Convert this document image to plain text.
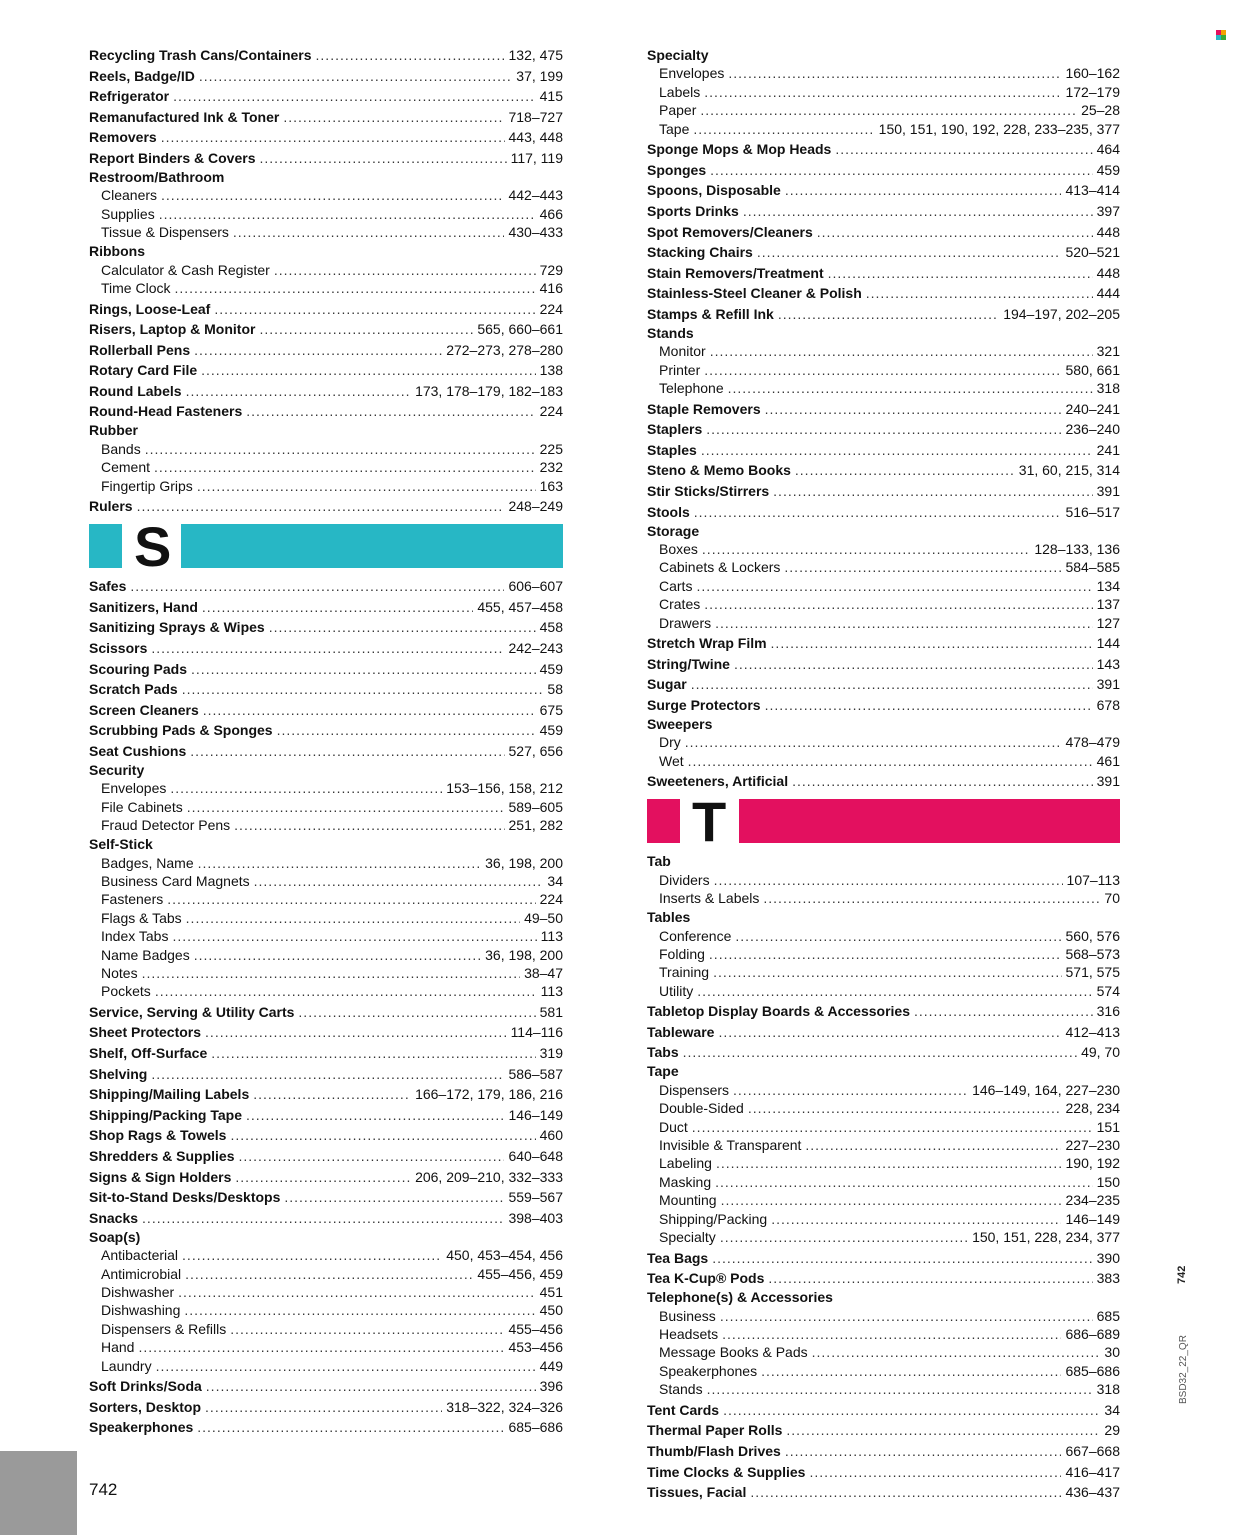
Recycling Trash Cans/Containers .....	132, 475
Reels, Badge/ID .....	37, 199
Refrigerator .....	415
Remanufactured Ink & Toner .....	718–727
Removers .....	443, 448
Report Binders & Covers .....	117, 119
Restroom/Bathroom
Cleaners .....	442–443
Supplies .....	466
Tissue & Dispensers .....	430–433
Ribbons
Calculator & Cash Register .....	729
Time Clock .....	416
Rings, Loose-Leaf .....	224
Risers, Laptop & Monitor .....	565, 660–661
Rollerball Pens .....	272–273, 278–280
Rotary Card File .....	138
Round Labels .....	173, 178–179, 182–183
Round-Head Fasteners .....	224
Rubber
Bands .....	225
Cement .....	232
Fingertip Grips .....	163
Rulers .....	248–249
S
Safes .....	606–607
Sanitizers, Hand .....	455, 457–458
Sanitizing Sprays & Wipes .....	458
Scissors .....	242–243
Scouring Pads .....	459
Scratch Pads .....	58
Screen Cleaners .....	675
Scrubbing Pads & Sponges .....	459
Seat Cushions .....	527, 656
Security
Envelopes .....	153–156, 158, 212
File Cabinets .....	589–605
Fraud Detector Pens .....	251, 282
Self-Stick
Badges, Name .....	36, 198, 200
Business Card Magnets .....	34
Fasteners .....	224
Flags & Tabs .....	49–50
Index Tabs .....	113
Name Badges .....	36, 198, 200
Notes .....	38–47
Pockets .....	113
Service, Serving & Utility Carts .....	581
Sheet Protectors .....	114–116
Shelf, Off-Surface .....	319
Shelving .....	586–587
Shipping/Mailing Labels .....	166–172, 179, 186, 216
Shipping/Packing Tape .....	146–149
Shop Rags & Towels .....	460
Shredders & Supplies .....	640–648
Signs & Sign Holders .....	206, 209–210, 332–333
Sit-to-Stand Desks/Desktops .....	559–567
Snacks .....	398–403
Soap(s)
Antibacterial .....	450, 453–454, 456
Antimicrobial .....	455–456, 459
Dishwasher .....	451
Dishwashing .....	450
Dispensers & Refills .....	455–456
Hand .....	453–456
Laundry .....	449
Soft Drinks/Soda .....	396
Sorters, Desktop .....	318–322, 324–326
Speakerphones .....	685–686
Specialty
Envelopes .....	160–162
Labels .....	172–179
Paper .....	25–28
Tape .....	150, 151, 190, 192, 228, 233–235, 377
Sponge Mops & Mop Heads .....	464
Sponges .....	459
Spoons, Disposable .....	413–414
Sports Drinks .....	397
Spot Removers/Cleaners .....	448
Stacking Chairs .....	520–521
Stain Removers/Treatment .....	448
Stainless-Steel Cleaner & Polish .....	444
Stamps & Refill Ink .....	194–197, 202–205
Stands
Monitor .....	321
Printer .....	580, 661
Telephone .....	318
Staple Removers .....	240–241
Staplers .....	236–240
Staples .....	241
Steno & Memo Books .....	31, 60, 215, 314
Stir Sticks/Stirrers .....	391
Stools .....	516–517
Storage
Boxes .....	128–133, 136
Cabinets & Lockers .....	584–585
Carts .....	134
Crates .....	137
Drawers .....	127
Stretch Wrap Film .....	144
String/Twine .....	143
Sugar .....	391
Surge Protectors .....	678
Sweepers
Dry .....	478–479
Wet .....	461
Sweeteners, Artificial .....	391
T
Tab
Dividers .....	107–113
Inserts & Labels .....	70
Tables
Conference .....	560, 576
Folding .....	568–573
Training .....	571, 575
Utility .....	574
Tabletop Display Boards & Accessories .....	316
Tableware .....	412–413
Tabs .....	49, 70
Tape
Dispensers .....	146–149, 164, 227–230
Double-Sided .....	228, 234
Duct .....	151
Invisible & Transparent .....	227–230
Labeling .....	190, 192
Masking .....	150
Mounting .....	234–235
Shipping/Packing .....	146–149
Specialty .....	150, 151, 228, 234, 377
Tea Bags .....	390
Tea K-Cup® Pods .....	383
Telephone(s) & Accessories
Business .....	685
Headsets .....	686–689
Message Books & Pads .....	30
Speakerphones .....	685–686
Stands .....	318
Tent Cards .....	34
Thermal Paper Rolls .....	29
Thumb/Flash Drives .....	667–668
Time Clocks & Supplies .....	416–417
Tissues, Facial .....	436–437
742
742
BSD32_22_QR
